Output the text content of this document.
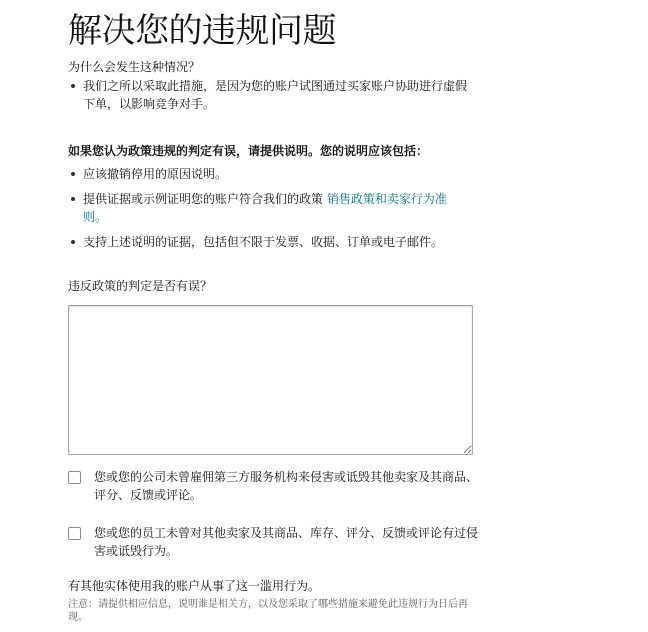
解决您的违规问题
为什么会发生这种情况？
我们之所以采取此措施，是因为您的账户试图通过买家账户协助进行虚假下单，以影响竞争对手。
如果您认为政策违规的判定有误，请提供说明。您的说明应该包括：
应该撤销停用的原因说明。
提供证据或示例证明您的账户符合我们的政策 销售政策和卖家行为准则。
支持上述说明的证据，包括但不限于发票、收据、订单或电子邮件。
违反政策的判定是否有误？
您或您的公司未曾雇佣第三方服务机构来侵害或诋毁其他卖家及其商品、评分、反馈或评论。
您或您的员工未曾对其他卖家及其商品、库存、评分、反馈或评论有过侵害或诋毁行为。
有其他实体使用我的账户从事了这一滥用行为。
注意：请提供相应信息，说明谁是相关方，以及您采取了哪些措施来避免此违规行为日后再现。
